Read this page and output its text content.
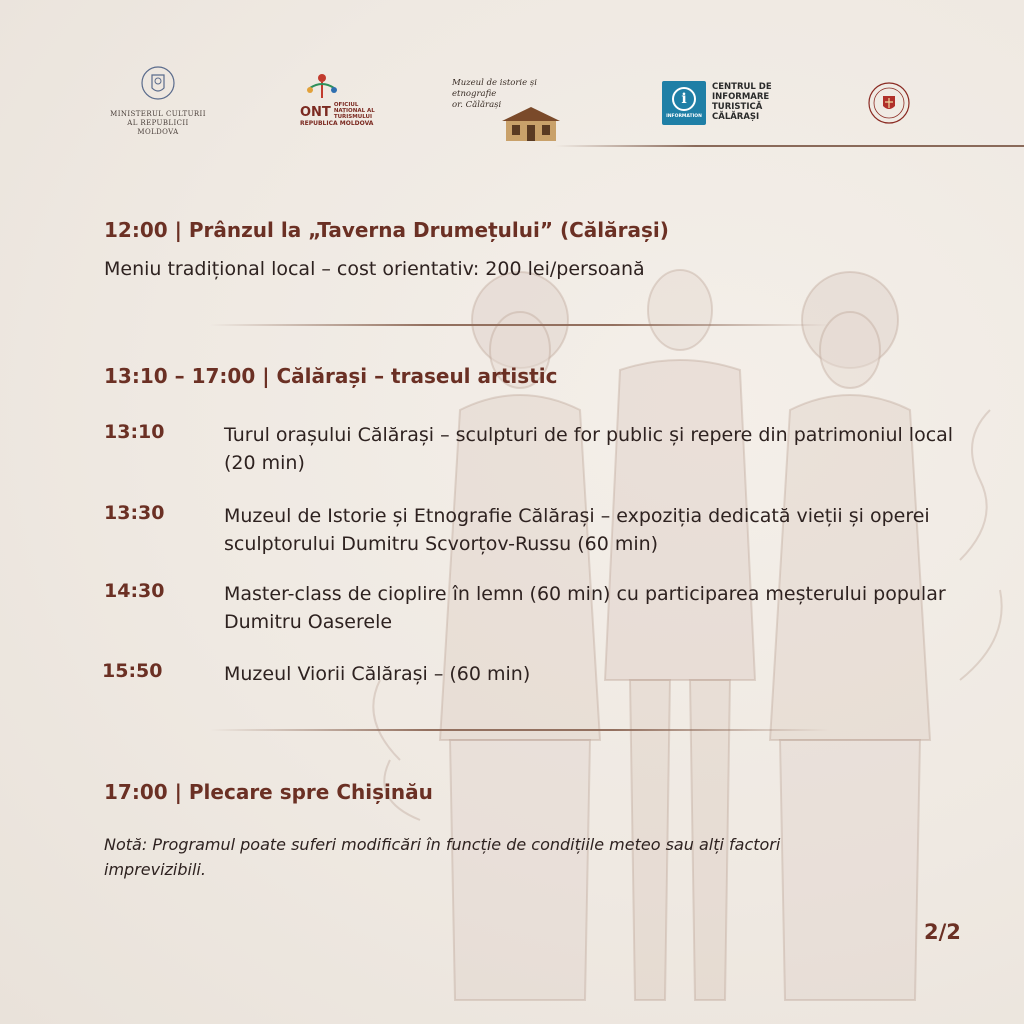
MINISTERUL CULTURII
AL REPUBLICII MOLDOVA
ONT
OFICIUL
NAȚIONAL AL
TURISMULUI
REPUBLICA MOLDOVA
Muzeul de istorie și etnografie
or. Călărași	i
INFORMATION
CENTRUL DE
INFORMARE
TURISTICĂ
CĂLĂRAȘI
12:00 | Prânzul la „Taverna Drumețului” (Călărași)
Meniu tradițional local – cost orientativ: 200 lei/persoană
13:10 – 17:00 | Călărași – traseul artistic
13:10	Turul orașului Călărași – sculpturi de for public și repere din patrimoniul local (20 min)
13:30	Muzeul de Istorie și Etnografie Călărași – expoziția dedicată vieții și operei sculptorului Dumitru Scvorțov-Russu (60 min)
14:30	Master-class de cioplire în lemn (60 min) cu participarea meșterului popular Dumitru Oaserele
15:50	Muzeul Viorii Călărași – (60 min)
17:00 | Plecare spre Chișinău
Notă: Programul poate suferi modificări în funcție de condițiile meteo sau alți factori imprevizibili.
2/2
